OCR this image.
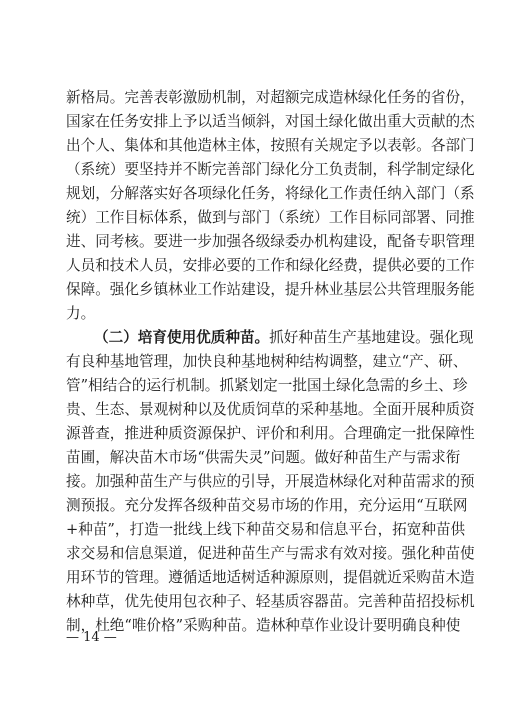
新格局。完善表彰激励机制，对超额完成造林绿化任务的省份，
国家在任务安排上予以适当倾斜，对国土绿化做出重大贡献的杰
出个人、集体和其他造林主体，按照有关规定予以表彰。各部门
（系统）要坚持并不断完善部门绿化分工负责制，科学制定绿化
规划，分解落实好各项绿化任务，将绿化工作责任纳入部门（系
统）工作目标体系，做到与部门（系统）工作目标同部署、同推
进、同考核。要进一步加强各级绿委办机构建设，配备专职管理
人员和技术人员，安排必要的工作和绿化经费，提供必要的工作
保障。强化乡镇林业工作站建设，提升林业基层公共管理服务能
力。
（二）培育使用优质种苗。抓好种苗生产基地建设。强化现
有良种基地管理，加快良种基地树种结构调整，建立“产、研、
管”相结合的运行机制。抓紧划定一批国土绿化急需的乡土、珍
贵、生态、景观树种以及优质饲草的采种基地。全面开展种质资
源普查，推进种质资源保护、评价和利用。合理确定一批保障性
苗圃，解决苗木市场“供需失灵”问题。做好种苗生产与需求衔
接。加强种苗生产与供应的引导，开展造林绿化对种苗需求的预
测预报。充分发挥各级种苗交易市场的作用，充分运用“互联网
+种苗”，打造一批线上线下种苗交易和信息平台，拓宽种苗供
求交易和信息渠道，促进种苗生产与需求有效对接。强化种苗使
用环节的管理。遵循适地适树适种源原则，提倡就近采购苗木造
林种草，优先使用包衣种子、轻基质容器苗。完善种苗招投标机
制，杜绝“唯价格”采购种苗。造林种草作业设计要明确良种使
— 14 —
